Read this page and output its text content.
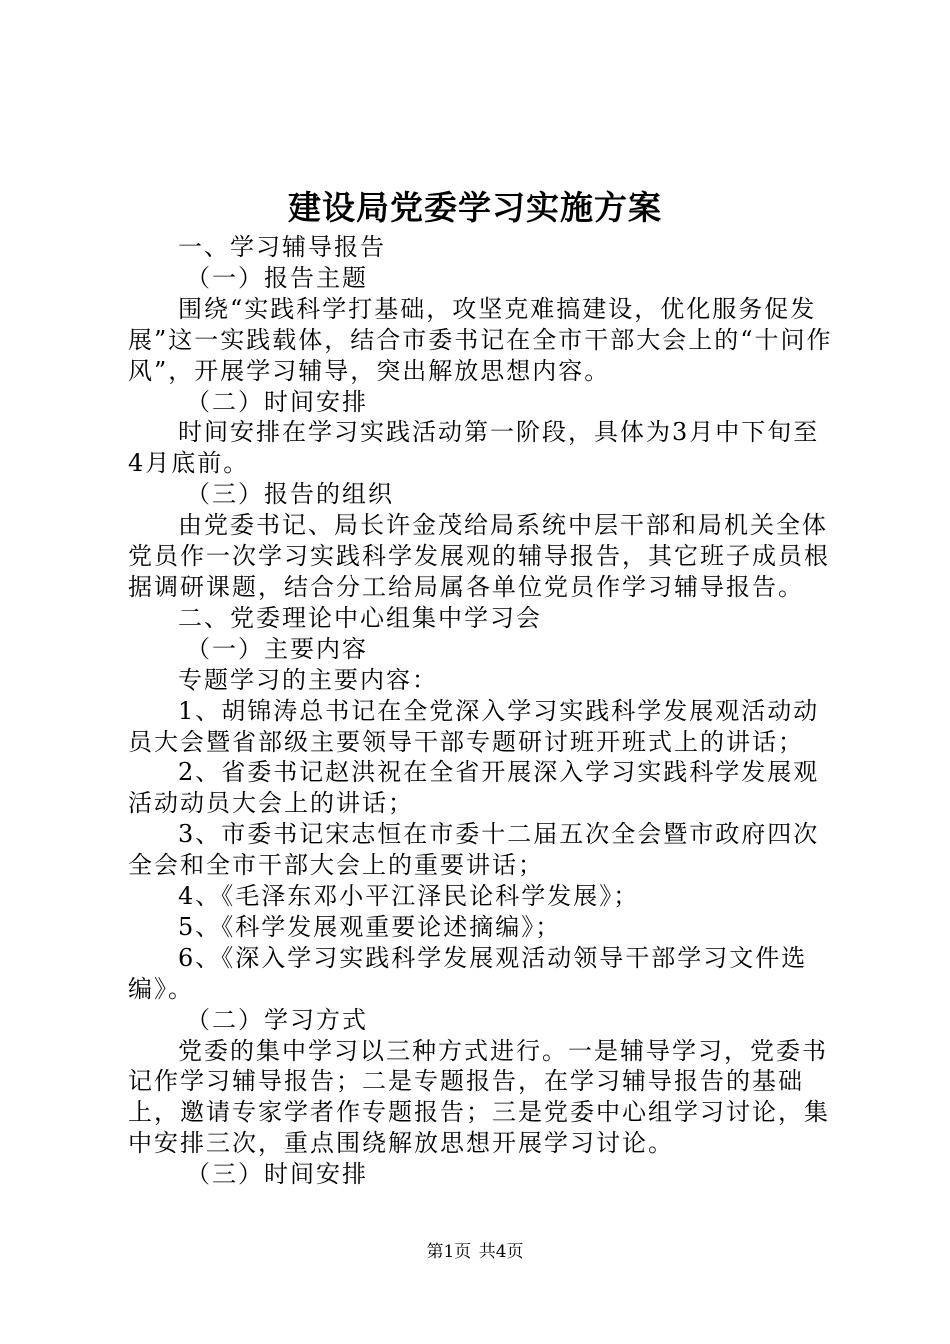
建设局党委学习实施方案

一、学习辅导报告

（一）报告主题

围绕“实践科学打基础，攻坚克难搞建设，优化服务促发展”这一实践载体，结合市委书记在全市干部大会上的“十问作风”，开展学习辅导，突出解放思想内容。

（二）时间安排

时间安排在学习实践活动第一阶段，具体为3月中下旬至4月底前。

（三）报告的组织

由党委书记、局长许金茂给局系统中层干部和局机关全体党员作一次学习实践科学发展观的辅导报告，其它班子成员根据调研课题，结合分工给局属各单位党员作学习辅导报告。

二、党委理论中心组集中学习会

（一）主要内容

专题学习的主要内容：

1、胡锦涛总书记在全党深入学习实践科学发展观活动动员大会暨省部级主要领导干部专题研讨班开班式上的讲话；

2、省委书记赵洪祝在全省开展深入学习实践科学发展观活动动员大会上的讲话；

3、市委书记宋志恒在市委十二届五次全会暨市政府四次全会和全市干部大会上的重要讲话；

4、《毛泽东邓小平江泽民论科学发展》；

5、《科学发展观重要论述摘编》；

6、《深入学习实践科学发展观活动领导干部学习文件选编》。

（二）学习方式

党委的集中学习以三种方式进行。一是辅导学习，党委书记作学习辅导报告；二是专题报告，在学习辅导报告的基础上，邀请专家学者作专题报告；三是党委中心组学习讨论，集中安排三次，重点围绕解放思想开展学习讨论。

（三）时间安排

第1页 共4页
